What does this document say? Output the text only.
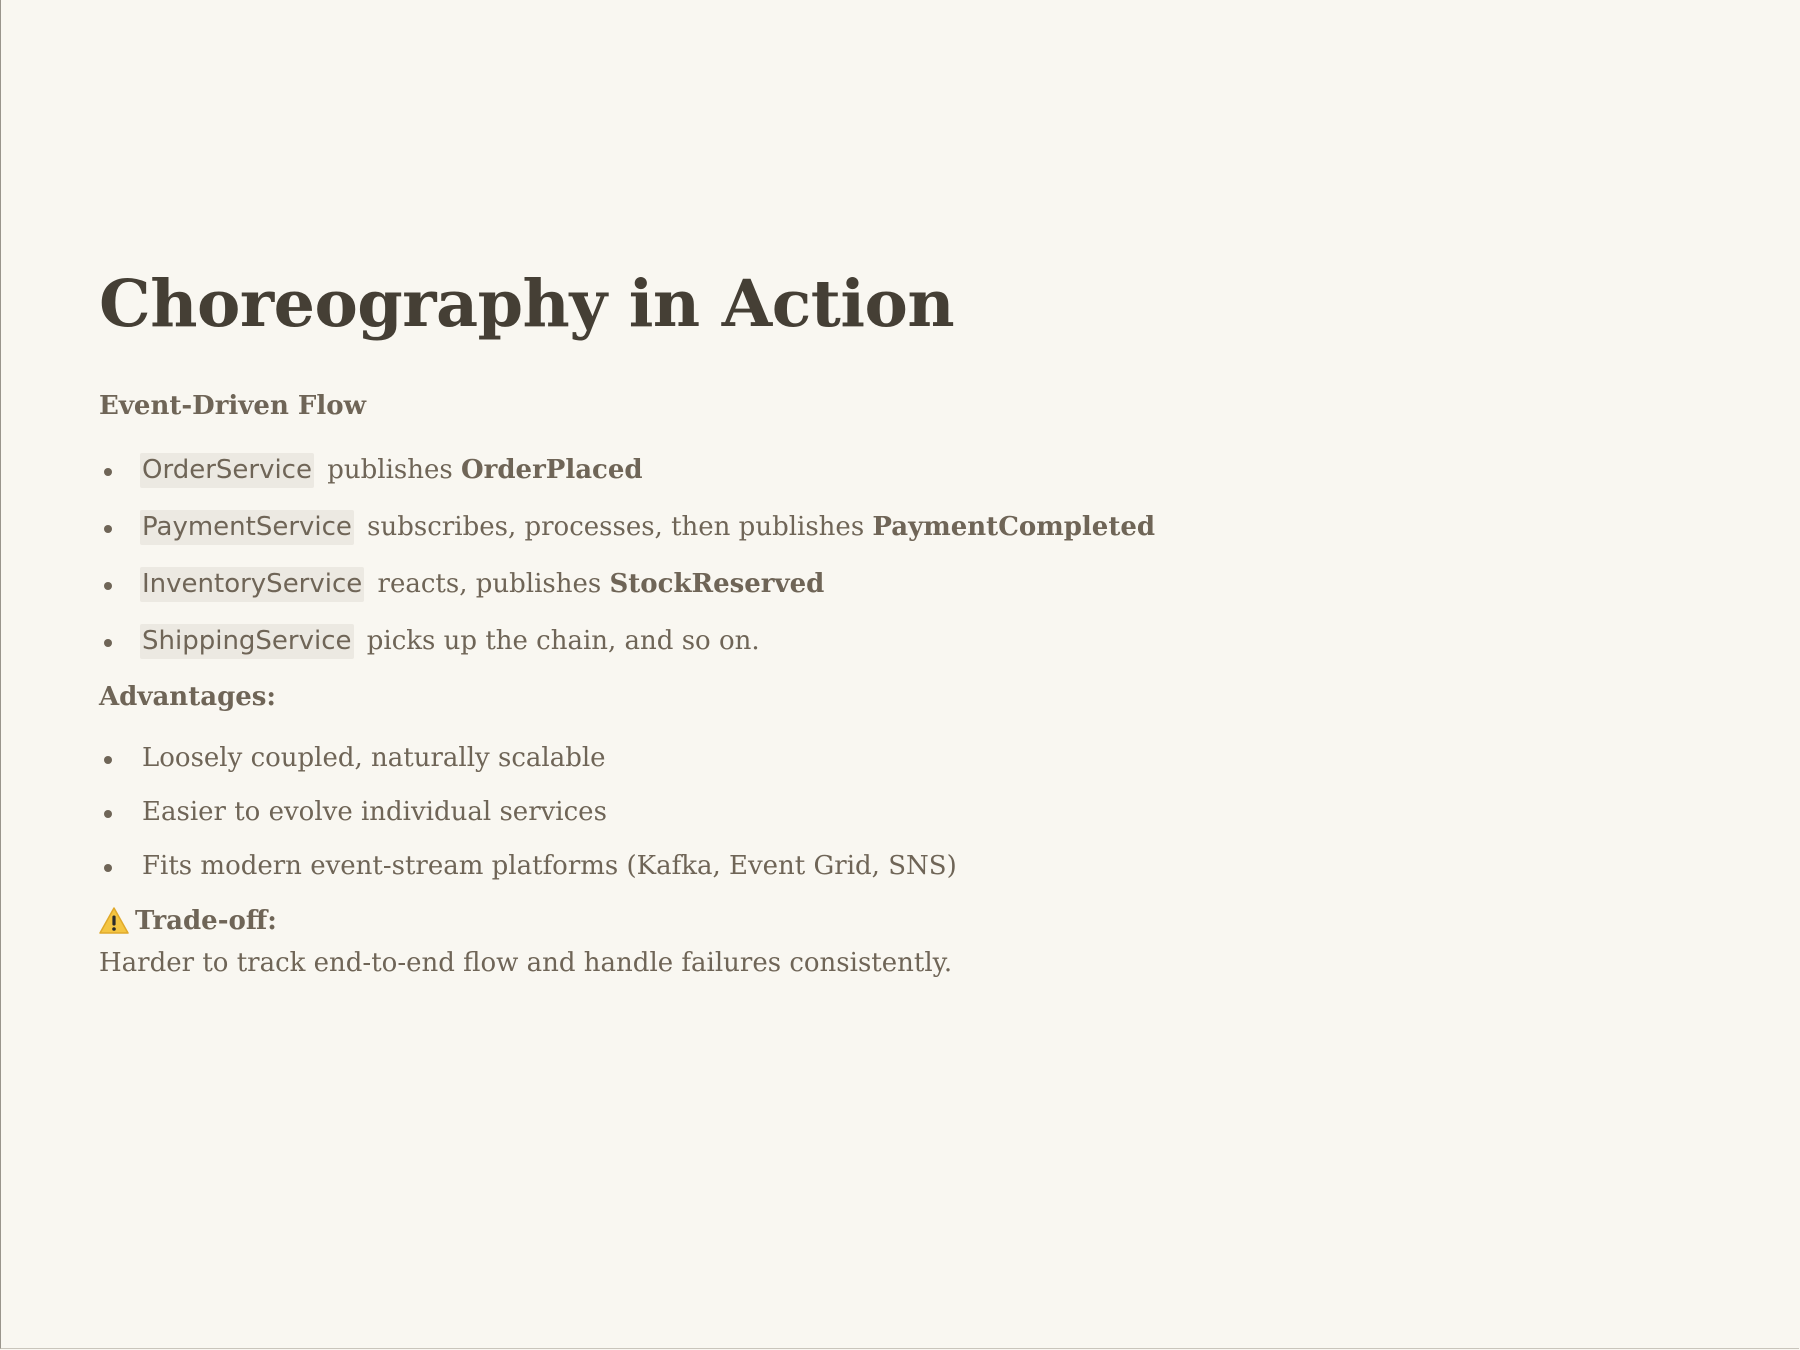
Choreography in Action
Event-Driven Flow
OrderService publishes OrderPlaced
PaymentService subscribes, processes, then publishes PaymentCompleted
InventoryService reacts, publishes StockReserved
ShippingService picks up the chain, and so on.
Advantages:
Loosely coupled, naturally scalable
Easier to evolve individual services
Fits modern event-stream platforms (Kafka, Event Grid, SNS)
Trade-off:
Harder to track end-to-end flow and handle failures consistently.
